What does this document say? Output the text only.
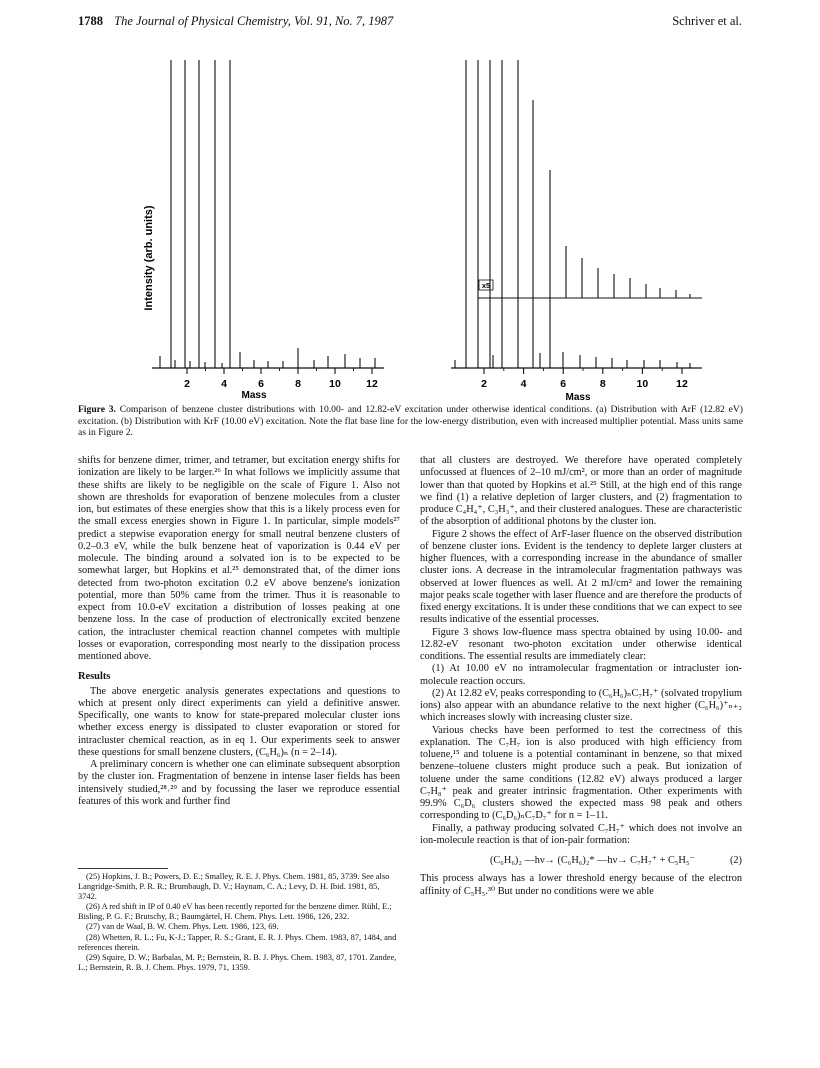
1788 The Journal of Physical Chemistry, Vol. 91, No. 7, 1987	Schriver et al.
Intensity (arb. units)
2	4	6	8	10 12
Mass
x5
2	4	6	8	10	12
Mass
Figure 3. Comparison of benzene cluster distributions with 10.00- and 12.82-eV excitation under otherwise identical conditions. (a) Distribution with ArF (12.82 eV) excitation. (b) Distribution with KrF (10.00 eV) excitation. Note the flat base line for the low-energy distribution, even with increased multiplier potential. Mass units same as in Figure 2.

shifts for benzene dimer, trimer, and tetramer, but excitation energy shifts for ionization are likely to be larger.²⁶ In what follows we implicitly assume that these shifts are likely to be negligible on the scale of Figure 1. Also not shown are thresholds for evaporation of benzene molecules from a cluster ion, but estimates of these energies show that this is a likely process even for the small excess energies shown in Figure 1. In particular, simple models²⁷ predict a stepwise evaporation energy for small neutral benzene clusters of 0.2–0.3 eV, while the bulk benzene heat of vaporization is 0.44 eV per molecule. The binding around a solvated ion is to be expected to be somewhat larger, but Hopkins et al.²⁵ demonstrated that, of the dimer ions detected from two-photon excitation 0.2 eV above benzene's ionization potential, more than 50% came from the trimer. Thus it is reasonable to expect from 10.0-eV excitation a distribution of losses peaking at one benzene loss. In the case of production of electronically excited benzene cation, the intracluster chemical reaction channel competes with multiple losses or evaporation, corresponding most nearly to the dissipation process mentioned above.

Results

The above energetic analysis generates expectations and questions to which at present only direct experiments can yield a definitive answer. Specifically, one wants to know for state-prepared molecular cluster ions whether excess energy is dissipated to cluster evaporation or stored for intracluster chemical reaction, as in eq 1. Our experiments seek to answer these questions for small benzene clusters, (C₆H₆)ₙ (n = 2–14).

A preliminary concern is whether one can eliminate subsequent absorption by the cluster ion. Fragmentation of benzene in intense laser fields has been intensively studied,²⁸˒²⁹ and by focussing the laser we reproduce essential features of this work and further find

(25) Hopkins, J. B.; Powers, D. E.; Smalley, R. E. J. Phys. Chem. 1981, 85, 3739. See also Langridge-Smith, P. R. R.; Brumbaugh, D. V.; Haynam, C. A.; Levy, D. H. Ibid. 1981, 85, 3742.

(26) A red shift in IP of 0.40 eV has been recently reported for the benzene dimer. Rühl, E.; Bisling, P. G. F.; Brutschy, B.; Baumgärtel, H. Chem. Phys. Lett. 1986, 126, 232.

(27) van de Waal, B. W. Chem. Phys. Lett. 1986, 123, 69.

(28) Whetten, R. L.; Fu, K-J.; Tapper, R. S.; Grant, E. R. J. Phys. Chem. 1983, 87, 1484, and references therein.

(29) Squire, D. W.; Barbalas, M. P.; Bernstein, R. B. J. Phys. Chem. 1983, 87, 1701. Zandee, L.; Bernstein, R. B. J. Chem. Phys. 1979, 71, 1359.

that all clusters are destroyed. We therefore have operated completely unfocussed at fluences of 2–10 mJ/cm², or more than an order of magnitude lower than that quoted by Hopkins et al.²⁵ Still, at the high end of this range we find (1) a relative depletion of larger clusters, and (2) fragmentation to produce C₄H₄⁺, C₃H₃⁺, and their clustered analogues. These are characteristic of the absorption of additional photons by the cluster ion.

Figure 2 shows the effect of ArF-laser fluence on the observed distribution of benzene cluster ions. Evident is the tendency to deplete larger clusters at higher fluences, with a corresponding increase in the abundance of smaller cluster ions. A decrease in the intramolecular fragmentation pathways was observed at lower fluences as well. At 2 mJ/cm² and lower the remaining major peaks scale together with laser fluence and are therefore the products of fixed energy excitations. It is under these conditions that we can expect to see results indicative of the essential processes.

Figure 3 shows low-fluence mass spectra obtained by using 10.00- and 12.82-eV resonant two-photon excitation under otherwise identical conditions. The essential results are immediately clear:

(1) At 10.00 eV no intramolecular fragmentation or intracluster ion-molecule reaction occurs.

(2) At 12.82 eV, peaks corresponding to (C₆H₆)ₙC₇H₇⁺ (solvated tropylium ions) also appear with an abundance relative to the next higher (C₆H₆)⁺ₙ₊₂ which increases slowly with increasing cluster size.

Various checks have been performed to test the correctness of this explanation. The C₇H₇ ion is also produced with high efficiency from toluene,¹⁵ and toluene is a potential contaminant in benzene, so that mixed benzene–toluene clusters might produce such a peak. But ionization of toluene under the same conditions (12.82 eV) always produced a larger C₇H₈⁺ peak and greater intrinsic fragmentation. Other experiments with 99.9% C₆D₆ clusters showed the expected mass 98 peak and others corresponding to (C₆D₆)ₙC₇D₇⁺ for n = 1–11.

Finally, a pathway producing solvated C₇H₇⁺ which does not involve an ion-molecule reaction is that of ion-pair formation:

(C₆H₆)₂ —hν→ (C₆H₆)₂* —hν→ C₇H₇⁺ + C₅H₅⁻	(2)

This process always has a lower threshold energy because of the electron affinity of C₅H₅.³⁰ But under no conditions were we able
